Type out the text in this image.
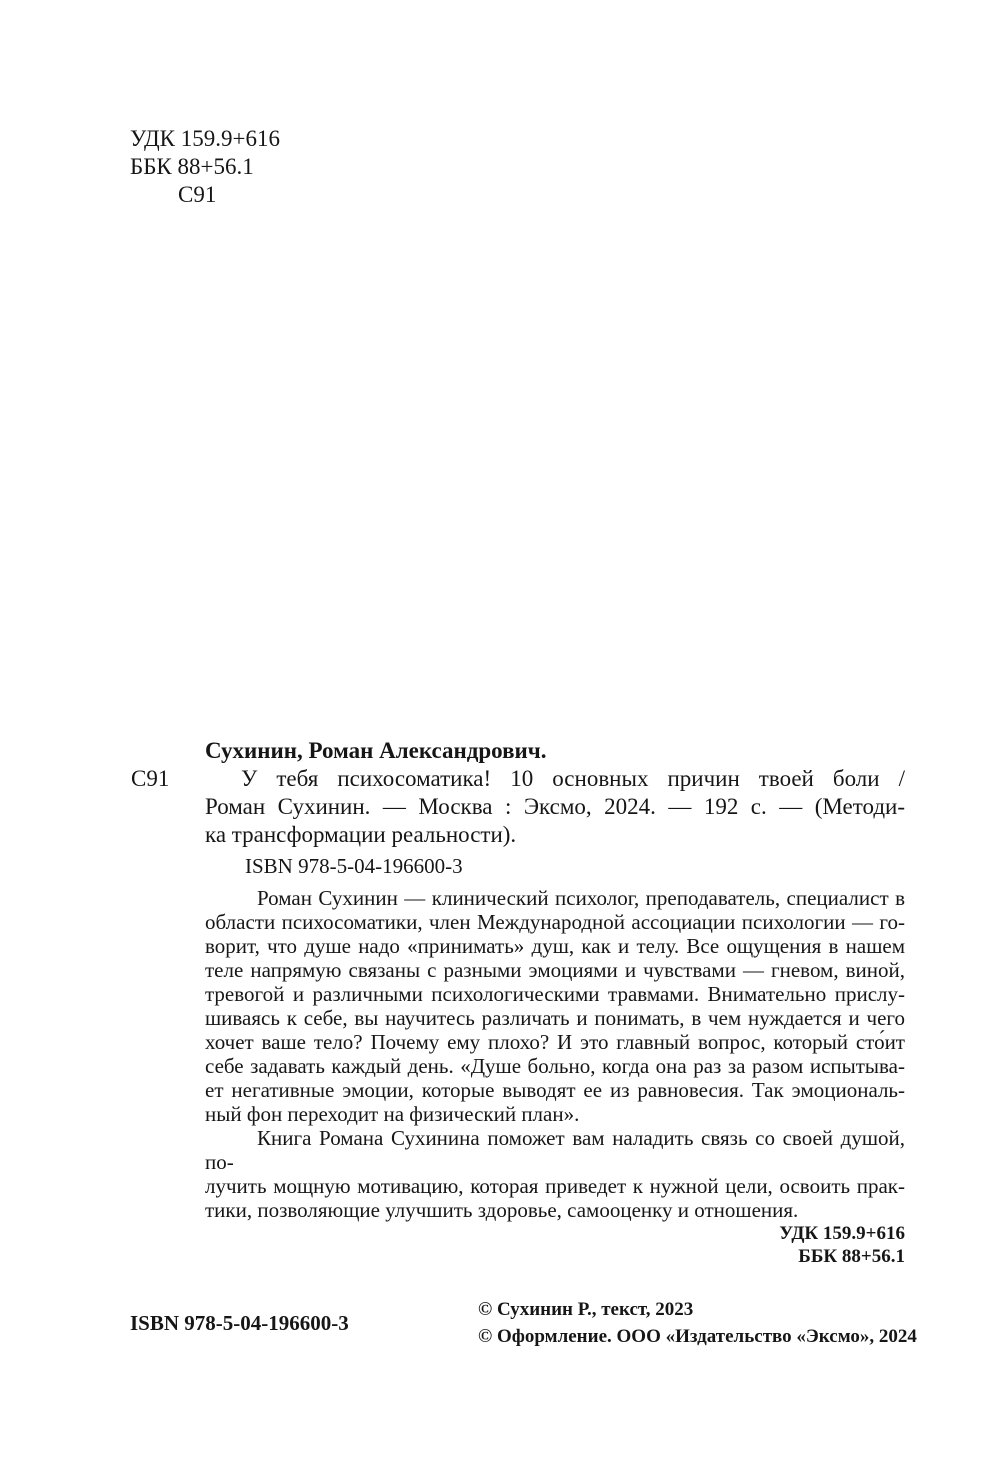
УДК 159.9+616
ББК 88+56.1
С91
С91
Сухинин, Роман Александрович.
У тебя психосоматика! 10 основных причин твоей боли /
Роман Сухинин. — Москва : Эксмо, 2024. — 192 с. — (Методи-
ка трансформации реальности).
ISBN 978-5-04-196600-3
Роман Сухинин — клинический психолог, преподаватель, специалист в
области психосоматики, член Международной ассоциации психологии — го-
ворит, что душе надо «принимать» душ, как и телу. Все ощущения в нашем
теле напрямую связаны с разными эмоциями и чувствами — гневом, виной,
тревогой и различными психологическими травмами. Внимательно прислу-
шиваясь к себе, вы научитесь различать и понимать, в чем нуждается и чего
хочет ваше тело? Почему ему плохо? И это главный вопрос, который сто́ит
себе задавать каждый день. «Душе больно, когда она раз за разом испытыва-
ет негативные эмоции, которые выводят ее из равновесия. Так эмоциональ-
ный фон переходит на физический план».
Книга Романа Сухинина поможет вам наладить связь со своей душой, по-
лучить мощную мотивацию, которая приведет к нужной цели, освоить прак-
тики, позволяющие улучшить здоровье, самооценку и отношения.
УДК 159.9+616
ББК 88+56.1
ISBN 978-5-04-196600-3
© Сухинин Р., текст, 2023
© Оформление. ООО «Издательство «Эксмо», 2024
